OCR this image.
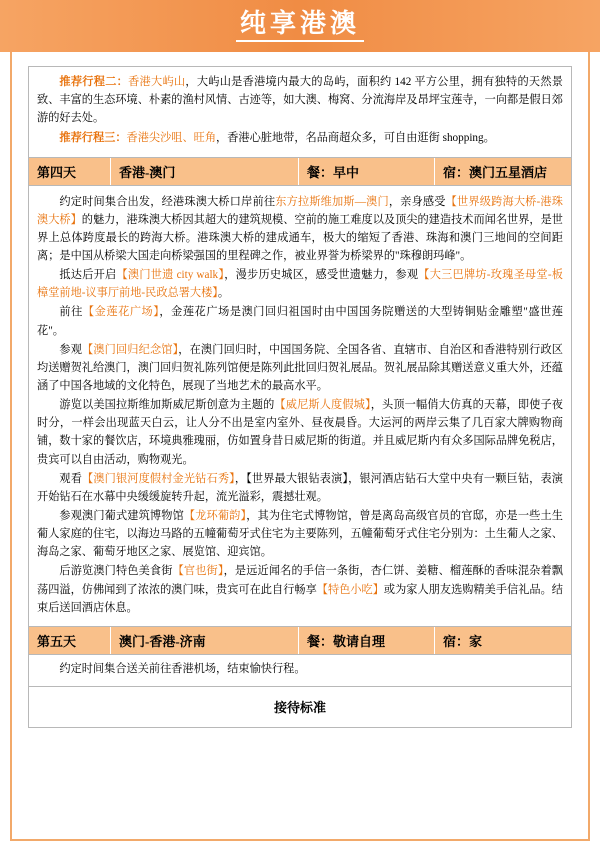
纯享港澳

推荐行程二：香港大屿山，大屿山是香港境内最大的岛屿，面积约 142 平方公里，拥有独特的天然景致、丰富的生态环境、朴素的渔村风情、古迹等，如大澳、梅窝、分流海岸及昂坪宝莲寺，一向都是假日郊游的好去处。

推荐行程三：香港尖沙咀、旺角，香港心脏地带，名品商超众多，可自由逛街 shopping。

第四天	香港-澳门	餐：早中	宿：澳门五星酒店

约定时间集合出发，经港珠澳大桥口岸前往东方拉斯维加斯—澳门，亲身感受【世界级跨海大桥-港珠澳大桥】的魅力，港珠澳大桥因其超大的建筑规模、空前的施工难度以及顶尖的建造技术而闻名世界，是世界上总体跨度最长的跨海大桥。港珠澳大桥的建成通车，极大的缩短了香港、珠海和澳门三地间的空间距离；是中国从桥梁大国走向桥梁强国的里程碑之作，被业界誉为桥梁界的"珠穆朗玛峰"。

抵达后开启【澳门世遗 city walk】，漫步历史城区，感受世遗魅力，参观【大三巴牌坊-玫瑰圣母堂-板樟堂前地-议事厅前地-民政总署大楼】。

前往【金莲花广场】，金莲花广场是澳门回归祖国时由中国国务院赠送的大型铸铜贴金雕塑"盛世莲花"。

参观【澳门回归纪念馆】，在澳门回归时，中国国务院、全国各省、直辖市、自治区和香港特别行政区均送赠贺礼给澳门，澳门回归贺礼陈列馆便是陈列此批回归贺礼展品。贺礼展品除其赠送意义重大外，还蕴涵了中国各地域的文化特色，展现了当地艺术的最高水平。

游览以美国拉斯维加斯威尼斯创意为主题的【威尼斯人度假城】，头顶一幅俏大仿真的天幕，即使子夜时分，一样会出现蓝天白云，让人分不出是室内室外、昼夜晨昏。大运河的两岸云集了几百家大牌购物商铺，数十家的餐饮店，环境典雅瑰丽，仿如置身昔日威尼斯的街道。并且威尼斯内有众多国际品牌免税店，贵宾可以自由活动，购物观光。

观看【澳门银河度假村金光钻石秀】，【世界最大银钻表演】，银河酒店钻石大堂中央有一颗巨钻，表演开始钻石在水幕中央缓缓旋转升起，流光溢彩，震撼壮观。

参观澳门葡式建筑博物馆【龙环葡韵】，其为住宅式博物馆，曾是离岛高级官员的官邸，亦是一些土生葡人家庭的住宅，以海边马路的五幢葡萄牙式住宅为主要陈列，五幢葡萄牙式住宅分别为：土生葡人之家、海岛之家、葡萄牙地区之家、展览馆、迎宾馆。

后游览澳门特色美食街【官也街】，是远近闻名的手信一条街，杏仁饼、姜糖、榴莲酥的香味混杂着飘荡四溢，仿佛闻到了浓浓的澳门味，贵宾可在此自行畅享【特色小吃】或为家人朋友选购精美手信礼品。结束后送回酒店休息。

第五天	澳门-香港-济南	餐：敬请自理	宿：家

约定时间集合送关前往香港机场，结束愉快行程。

接待标准
